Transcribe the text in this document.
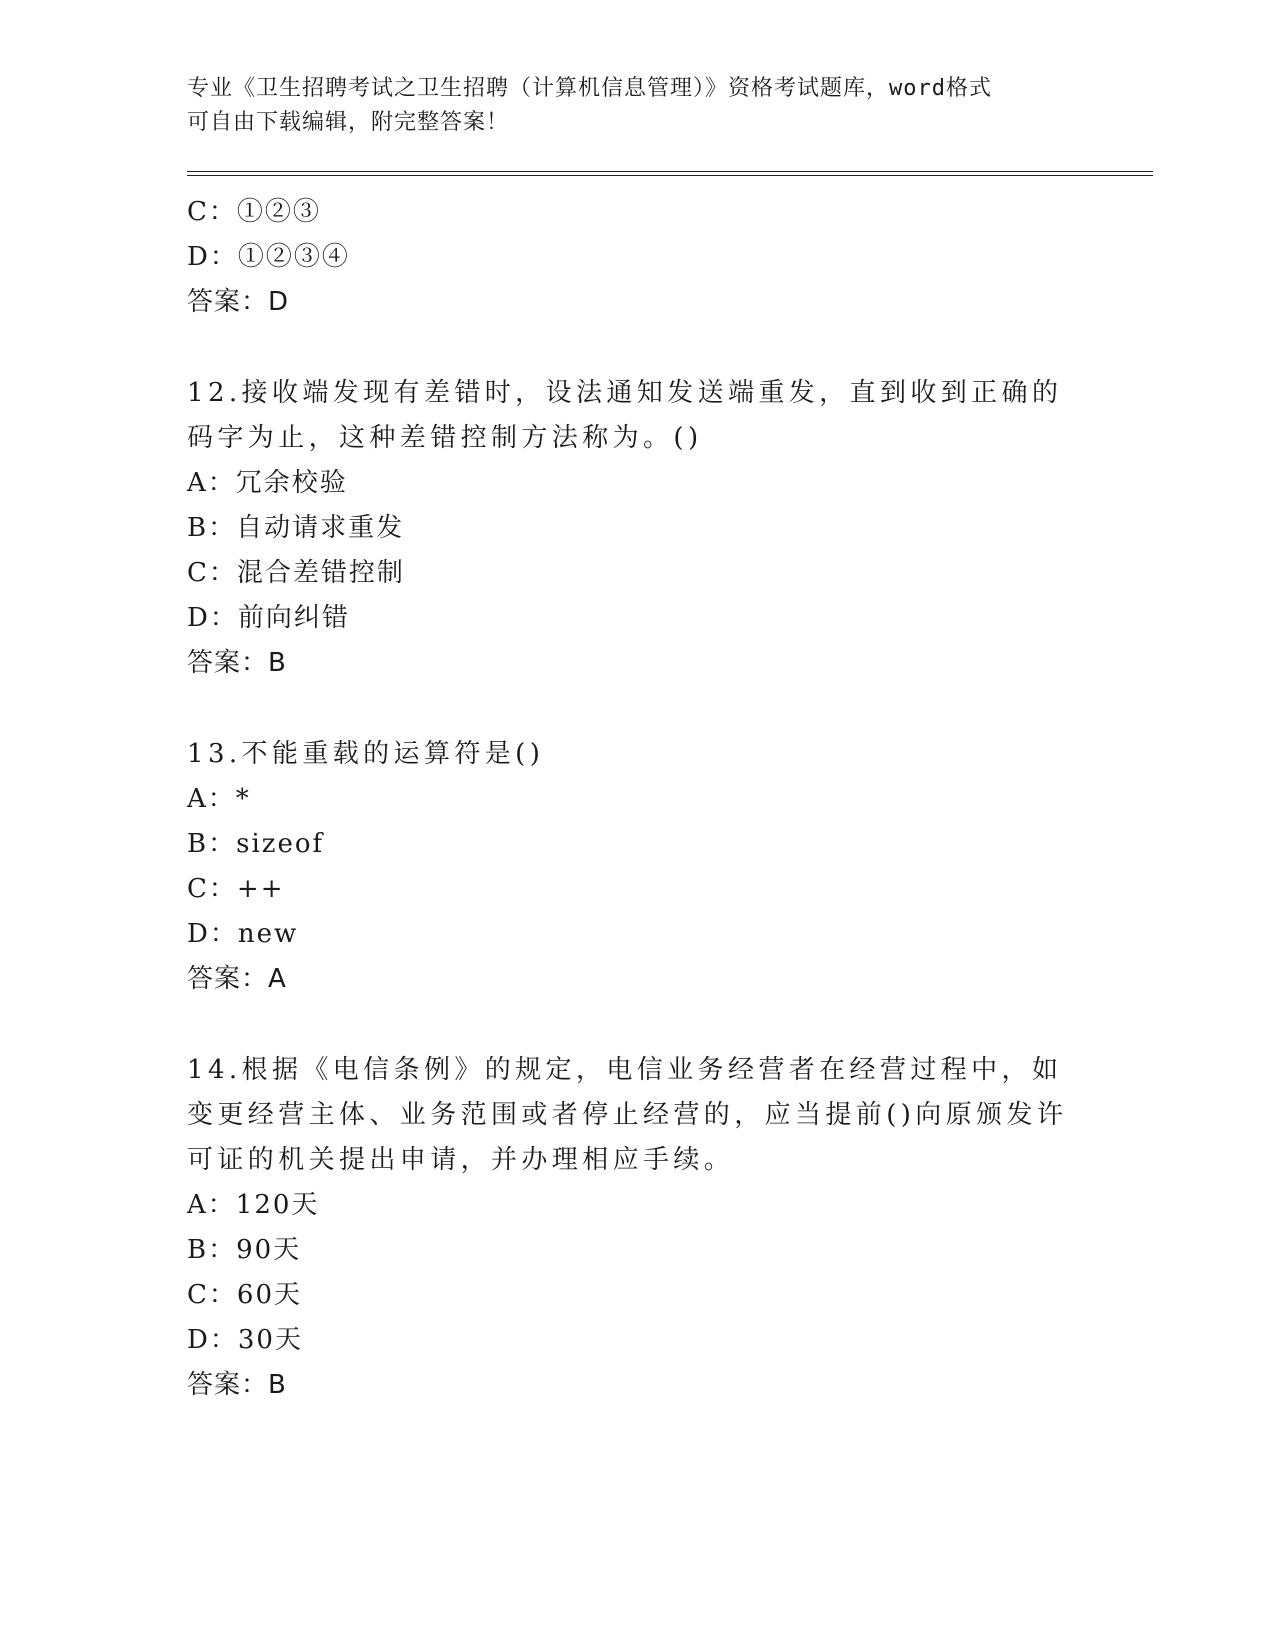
专业《卫生招聘考试之卫生招聘（计算机信息管理）》资格考试题库，word格式
可自由下载编辑，附完整答案！
C：①②③
D：①②③④
答案：D
12.接收端发现有差错时，设法通知发送端重发，直到收到正确的码字为止，这种差错控制方法称为。()
A：冗余校验
B：自动请求重发
C：混合差错控制
D：前向纠错
答案：B
13.不能重载的运算符是()
A：*
B：sizeof
C：++
D：new
答案：A
14.根据《电信条例》的规定，电信业务经营者在经营过程中，如变更经营主体、业务范围或者停止经营的，应当提前()向原颁发许可证的机关提出申请，并办理相应手续。
A：120天
B：90天
C：60天
D：30天
答案：B
